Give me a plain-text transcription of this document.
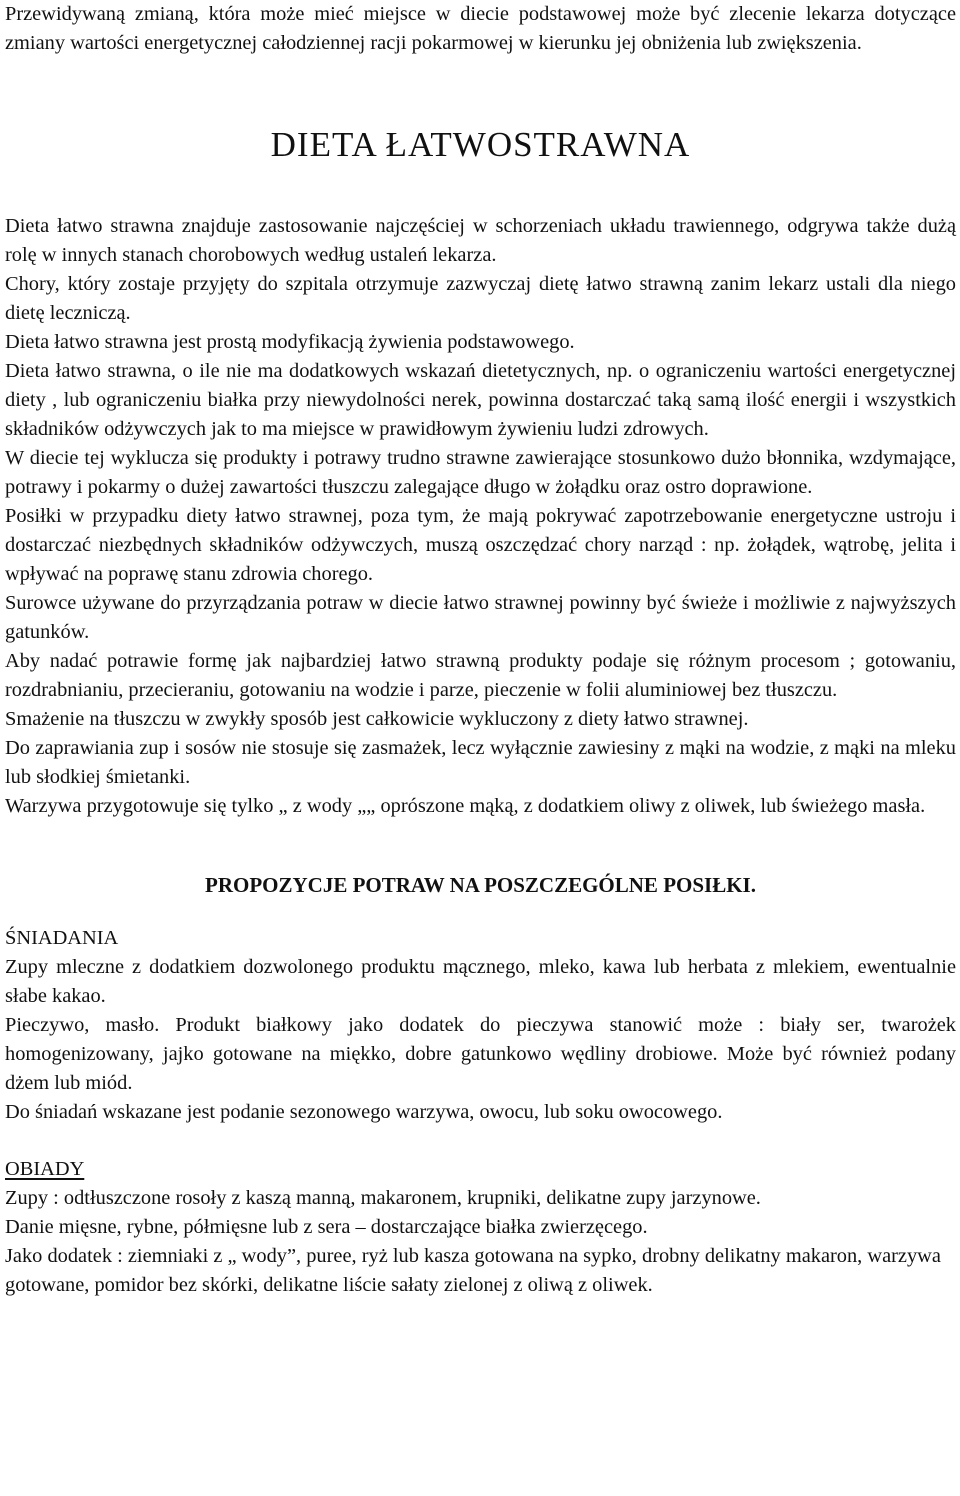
Przewidywaną zmianą, która może mieć miejsce w diecie podstawowej może być zlecenie lekarza dotyczące zmiany wartości energetycznej całodziennej racji pokarmowej w kierunku jej obniżenia lub zwiększenia.

DIETA ŁATWOSTRAWNA

Dieta łatwo strawna znajduje zastosowanie najczęściej w schorzeniach układu trawiennego, odgrywa także dużą rolę w innych stanach chorobowych według ustaleń lekarza.

Chory, który zostaje przyjęty do szpitala otrzymuje zazwyczaj dietę łatwo strawną zanim lekarz ustali dla niego dietę leczniczą.

Dieta łatwo strawna jest prostą modyfikacją żywienia podstawowego.

Dieta łatwo strawna, o ile nie ma dodatkowych wskazań dietetycznych, np. o ograniczeniu wartości energetycznej diety , lub ograniczeniu białka przy niewydolności nerek, powinna dostarczać taką samą ilość energii i wszystkich składników odżywczych jak to ma miejsce w prawidłowym żywieniu ludzi zdrowych.

W diecie tej wyklucza się produkty i potrawy trudno strawne zawierające stosunkowo dużo błonnika, wzdymające, potrawy i pokarmy o dużej zawartości tłuszczu zalegające długo w żołądku oraz ostro doprawione.

Posiłki w przypadku diety łatwo strawnej, poza tym, że mają pokrywać zapotrzebowanie energetyczne ustroju i dostarczać niezbędnych składników odżywczych, muszą oszczędzać chory narząd : np. żołądek, wątrobę, jelita i wpływać na poprawę stanu zdrowia chorego.

Surowce używane do przyrządzania potraw w diecie łatwo strawnej powinny być świeże i możliwie z najwyższych gatunków.

Aby nadać potrawie formę jak najbardziej łatwo strawną produkty podaje się różnym procesom ; gotowaniu, rozdrabnianiu, przecieraniu, gotowaniu na wodzie i parze, pieczenie w folii aluminiowej bez tłuszczu.

Smażenie na tłuszczu w zwykły sposób jest całkowicie wykluczony z diety łatwo strawnej.

Do zaprawiania zup i sosów nie stosuje się zasmażek, lecz wyłącznie zawiesiny z mąki na wodzie, z mąki na mleku lub słodkiej śmietanki.

Warzywa przygotowuje się tylko „ z wody „„ oprószone mąką, z dodatkiem oliwy z oliwek, lub świeżego masła.

PROPOZYCJE POTRAW NA POSZCZEGÓLNE POSIŁKI.

ŚNIADANIA

Zupy mleczne z dodatkiem dozwolonego produktu mącznego, mleko, kawa lub herbata z mlekiem, ewentualnie słabe kakao.

Pieczywo, masło. Produkt białkowy jako dodatek do pieczywa stanowić może : biały ser, twarożek homogenizowany, jajko gotowane na miękko, dobre gatunkowo wędliny drobiowe. Może być również podany dżem lub miód.

Do śniadań wskazane jest podanie sezonowego warzywa, owocu, lub soku owocowego.

OBIADY

Zupy : odtłuszczone rosoły z kaszą manną, makaronem, krupniki, delikatne zupy jarzynowe.

Danie mięsne, rybne, półmięsne lub z sera – dostarczające białka zwierzęcego.

Jako dodatek : ziemniaki z „ wody”, puree, ryż lub kasza gotowana na sypko, drobny delikatny makaron, warzywa gotowane, pomidor bez skórki, delikatne liście sałaty zielonej z oliwą z oliwek.
